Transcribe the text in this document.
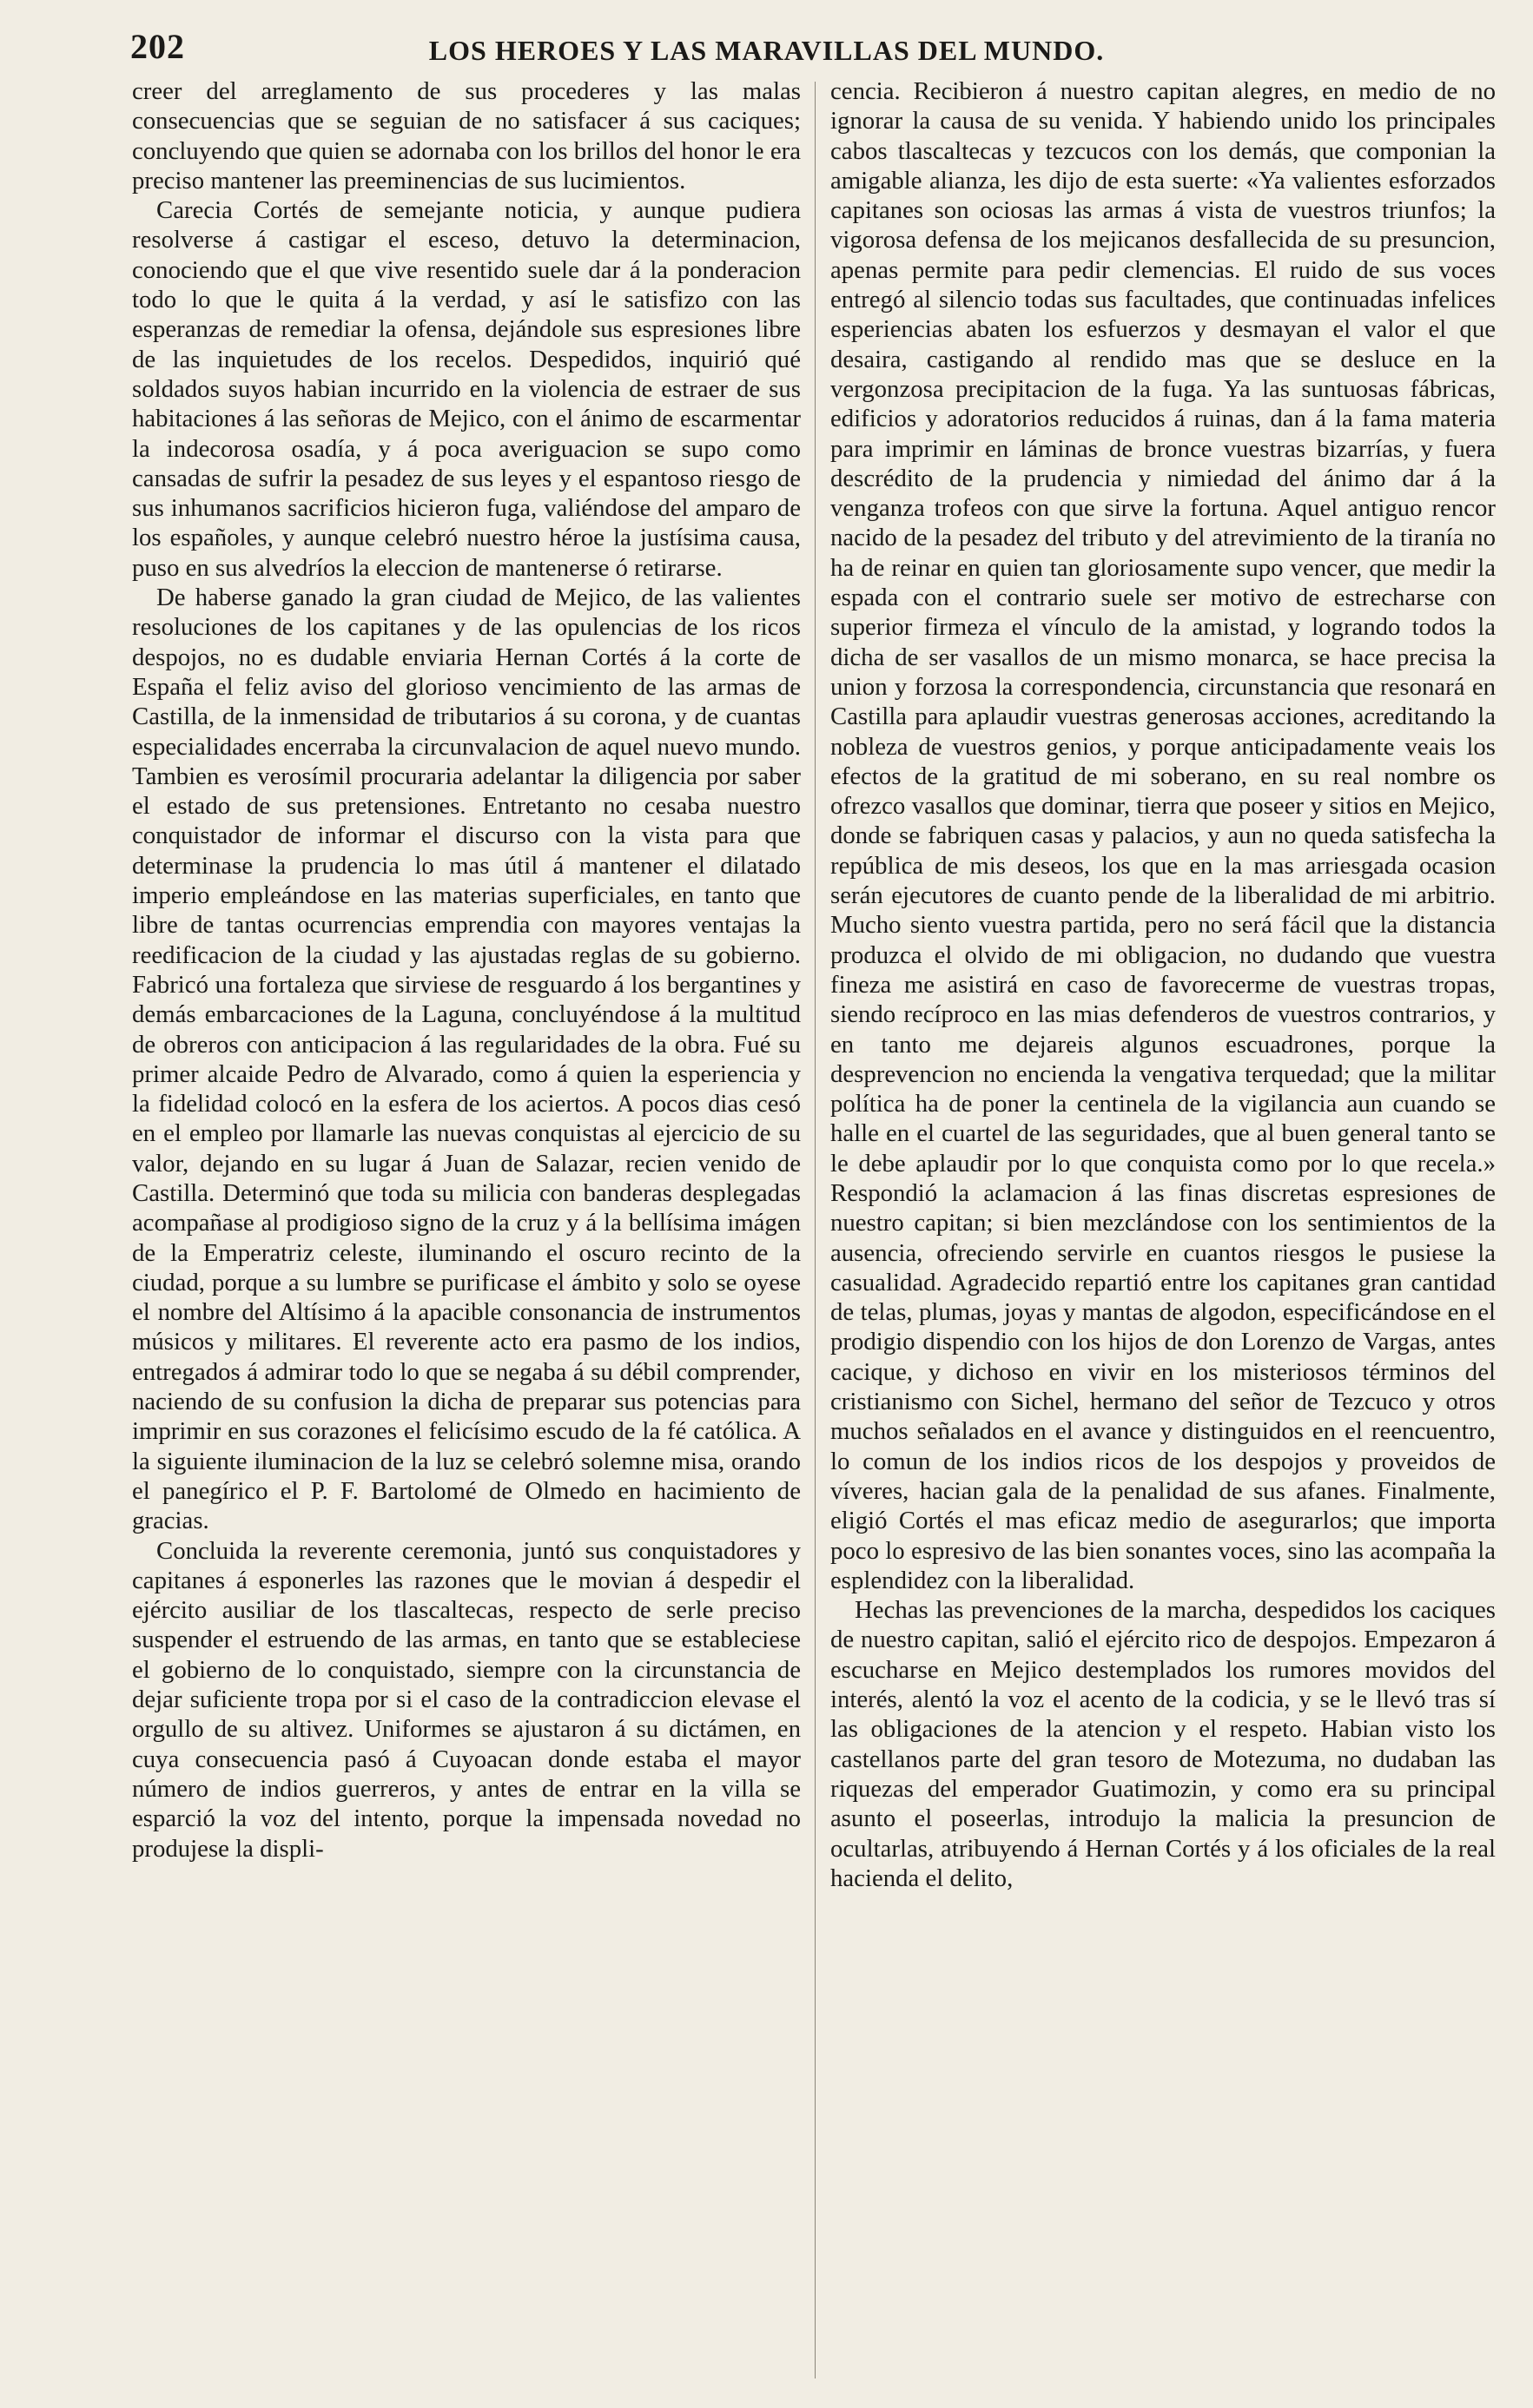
202	LOS HEROES Y LAS MARAVILLAS DEL MUNDO.

creer del arreglamento de sus procederes y las malas consecuencias que se seguian de no satisfacer á sus caciques; concluyendo que quien se adornaba con los brillos del honor le era preciso mantener las preeminencias de sus lucimientos.

Carecia Cortés de semejante noticia, y aunque pudiera resolverse á castigar el esceso, detuvo la determinacion, conociendo que el que vive resentido suele dar á la ponderacion todo lo que le quita á la verdad, y así le satisfizo con las esperanzas de remediar la ofensa, dejándole sus espresiones libre de las inquietudes de los recelos. Despedidos, inquirió qué soldados suyos habian incurrido en la violencia de estraer de sus habitaciones á las señoras de Mejico, con el ánimo de escarmentar la indecorosa osadía, y á poca averiguacion se supo como cansadas de sufrir la pesadez de sus leyes y el espantoso riesgo de sus inhumanos sacrificios hicieron fuga, valiéndose del amparo de los españoles, y aunque celebró nuestro héroe la justísima causa, puso en sus alvedríos la eleccion de mantenerse ó retirarse.

De haberse ganado la gran ciudad de Mejico, de las valientes resoluciones de los capitanes y de las opulencias de los ricos despojos, no es dudable enviaria Hernan Cortés á la corte de España el feliz aviso del glorioso vencimiento de las armas de Castilla, de la inmensidad de tributarios á su corona, y de cuantas especialidades encerraba la circunvalacion de aquel nuevo mundo. Tambien es verosímil procuraria adelantar la diligencia por saber el estado de sus pretensiones. Entretanto no cesaba nuestro conquistador de informar el discurso con la vista para que determinase la prudencia lo mas útil á mantener el dilatado imperio empleándose en las materias superficiales, en tanto que libre de tantas ocurrencias emprendia con mayores ventajas la reedificacion de la ciudad y las ajustadas reglas de su gobierno. Fabricó una fortaleza que sirviese de resguardo á los bergantines y demás embarcaciones de la Laguna, concluyéndose á la multitud de obreros con anticipacion á las regularidades de la obra. Fué su primer alcaide Pedro de Alvarado, como á quien la esperiencia y la fidelidad colocó en la esfera de los aciertos. A pocos dias cesó en el empleo por llamarle las nuevas conquistas al ejercicio de su valor, dejando en su lugar á Juan de Salazar, recien venido de Castilla. Determinó que toda su milicia con banderas desplegadas acompañase al prodigioso signo de la cruz y á la bellísima imágen de la Emperatriz celeste, iluminando el oscuro recinto de la ciudad, porque a su lumbre se purificase el ámbito y solo se oyese el nombre del Altísimo á la apacible consonancia de instrumentos músicos y militares. El reverente acto era pasmo de los indios, entregados á admirar todo lo que se negaba á su débil comprender, naciendo de su confusion la dicha de preparar sus potencias para imprimir en sus corazones el felicísimo escudo de la fé católica. A la siguiente iluminacion de la luz se celebró solemne misa, orando el panegírico el P. F. Bartolomé de Olmedo en hacimiento de gracias.

Concluida la reverente ceremonia, juntó sus conquistadores y capitanes á esponerles las razones que le movian á despedir el ejército ausiliar de los tlascaltecas, respecto de serle preciso suspender el estruendo de las armas, en tanto que se estableciese el gobierno de lo conquistado, siempre con la circunstancia de dejar suficiente tropa por si el caso de la contradiccion elevase el orgullo de su altivez. Uniformes se ajustaron á su dictámen, en cuya consecuencia pasó á Cuyoacan donde estaba el mayor número de indios guerreros, y antes de entrar en la villa se esparció la voz del intento, porque la impensada novedad no produjese la displi-

cencia. Recibieron á nuestro capitan alegres, en medio de no ignorar la causa de su venida. Y habiendo unido los principales cabos tlascaltecas y tezcucos con los demás, que componian la amigable alianza, les dijo de esta suerte: «Ya valientes esforzados capitanes son ociosas las armas á vista de vuestros triunfos; la vigorosa defensa de los mejicanos desfallecida de su presuncion, apenas permite para pedir clemencias. El ruido de sus voces entregó al silencio todas sus facultades, que continuadas infelices esperiencias abaten los esfuerzos y desmayan el valor el que desaira, castigando al rendido mas que se desluce en la vergonzosa precipitacion de la fuga. Ya las suntuosas fábricas, edificios y adoratorios reducidos á ruinas, dan á la fama materia para imprimir en láminas de bronce vuestras bizarrías, y fuera descrédito de la prudencia y nimiedad del ánimo dar á la venganza trofeos con que sirve la fortuna. Aquel antiguo rencor nacido de la pesadez del tributo y del atrevimiento de la tiranía no ha de reinar en quien tan gloriosamente supo vencer, que medir la espada con el contrario suele ser motivo de estrecharse con superior firmeza el vínculo de la amistad, y logrando todos la dicha de ser vasallos de un mismo monarca, se hace precisa la union y forzosa la correspondencia, circunstancia que resonará en Castilla para aplaudir vuestras generosas acciones, acreditando la nobleza de vuestros genios, y porque anticipadamente veais los efectos de la gratitud de mi soberano, en su real nombre os ofrezco vasallos que dominar, tierra que poseer y sitios en Mejico, donde se fabriquen casas y palacios, y aun no queda satisfecha la república de mis deseos, los que en la mas arriesgada ocasion serán ejecutores de cuanto pende de la liberalidad de mi arbitrio. Mucho siento vuestra partida, pero no será fácil que la distancia produzca el olvido de mi obligacion, no dudando que vuestra fineza me asistirá en caso de favorecerme de vuestras tropas, siendo recíproco en las mias defenderos de vuestros contrarios, y en tanto me dejareis algunos escuadrones, porque la desprevencion no encienda la vengativa terquedad; que la militar política ha de poner la centinela de la vigilancia aun cuando se halle en el cuartel de las seguridades, que al buen general tanto se le debe aplaudir por lo que conquista como por lo que recela.» Respondió la aclamacion á las finas discretas espresiones de nuestro capitan; si bien mezclándose con los sentimientos de la ausencia, ofreciendo servirle en cuantos riesgos le pusiese la casualidad. Agradecido repartió entre los capitanes gran cantidad de telas, plumas, joyas y mantas de algodon, especificándose en el prodigio dispendio con los hijos de don Lorenzo de Vargas, antes cacique, y dichoso en vivir en los misteriosos términos del cristianismo con Sichel, hermano del señor de Tezcuco y otros muchos señalados en el avance y distinguidos en el reencuentro, lo comun de los indios ricos de los despojos y proveidos de víveres, hacian gala de la penalidad de sus afanes. Finalmente, eligió Cortés el mas eficaz medio de asegurarlos; que importa poco lo espresivo de las bien sonantes voces, sino las acompaña la esplendidez con la liberalidad.

Hechas las prevenciones de la marcha, despedidos los caciques de nuestro capitan, salió el ejército rico de despojos. Empezaron á escucharse en Mejico destemplados los rumores movidos del interés, alentó la voz el acento de la codicia, y se le llevó tras sí las obligaciones de la atencion y el respeto. Habian visto los castellanos parte del gran tesoro de Motezuma, no dudaban las riquezas del emperador Guatimozin, y como era su principal asunto el poseerlas, introdujo la malicia la presuncion de ocultarlas, atribuyendo á Hernan Cortés y á los oficiales de la real hacienda el delito,
